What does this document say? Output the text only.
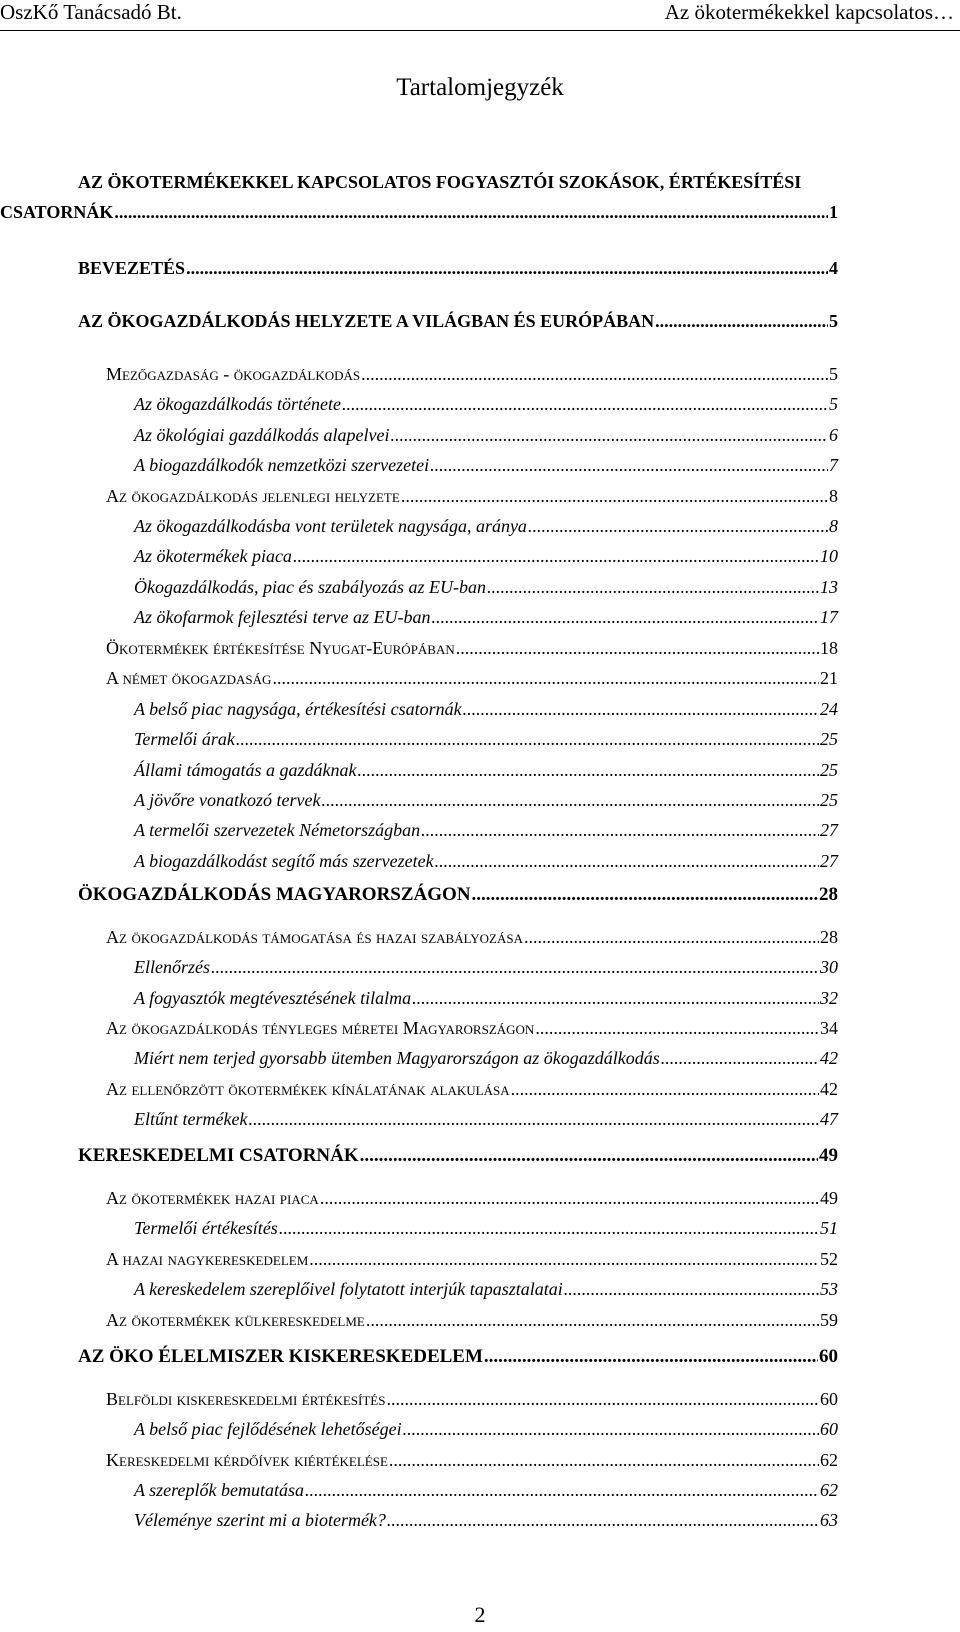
OszKő Tanácsadó Bt.	Az ökotermékekkel kapcsolatos…
Tartalomjegyzék
AZ ÖKOTERMÉKEKKEL KAPCSOLATOS FOGYASZTÓI SZOKÁSOK, ÉRTÉKESÍTÉSI
CSATORNÁK .....	1
BEVEZETÉS .....	4
AZ ÖKOGAZDÁLKODÁS HELYZETE A VILÁGBAN ÉS EURÓPÁBAN .....	5
Mezőgazdaság - ökogazdálkodás .....	5
Az ökogazdálkodás története .....	5
Az ökológiai gazdálkodás alapelvei .....	6
A biogazdálkodók nemzetközi szervezetei .....	7
Az ökogazdálkodás jelenlegi helyzete .....	8
Az ökogazdálkodásba vont területek nagysága, aránya .....	8
Az ökotermékek piaca .....	10
Ökogazdálkodás, piac és szabályozás az EU-ban .....	13
Az ökofarmok fejlesztési terve az EU-ban .....	17
Ökotermékek értékesítése Nyugat-Európában .....	18
A német ökogazdaság .....	21
A belső piac nagysága, értékesítési csatornák .....	24
Termelői árak .....	25
Állami támogatás a gazdáknak .....	25
A jövőre vonatkozó tervek .....	25
A termelői szervezetek Németországban .....	27
A biogazdálkodást segítő más szervezetek .....	27
ÖKOGAZDÁLKODÁS MAGYARORSZÁGON .....	28
Az ökogazdálkodás támogatása és hazai szabályozása .....	28
Ellenőrzés .....	30
A fogyasztók megtévesztésének tilalma .....	32
Az ökogazdálkodás tényleges méretei Magyarországon .....	34
Miért nem terjed gyorsabb ütemben Magyarországon az ökogazdálkodás .....	42
Az ellenőrzött ökotermékek kínálatának alakulása .....	42
Eltűnt termékek .....	47
KERESKEDELMI CSATORNÁK .....	49
Az ökotermékek hazai piaca .....	49
Termelői értékesítés .....	51
A hazai nagykereskedelem .....	52
A kereskedelem szereplőivel folytatott interjúk tapasztalatai .....	53
Az ökotermékek külkereskedelme .....	59
AZ ÖKO ÉLELMISZER KISKERESKEDELEM .....	60
Belföldi kiskereskedelmi értékesítés .....	60
A belső piac fejlődésének lehetőségei .....	60
Kereskedelmi kérdőívek kiértékelése .....	62
A szereplők bemutatása .....	62
Véleménye szerint mi a biotermék? .....	63
2
